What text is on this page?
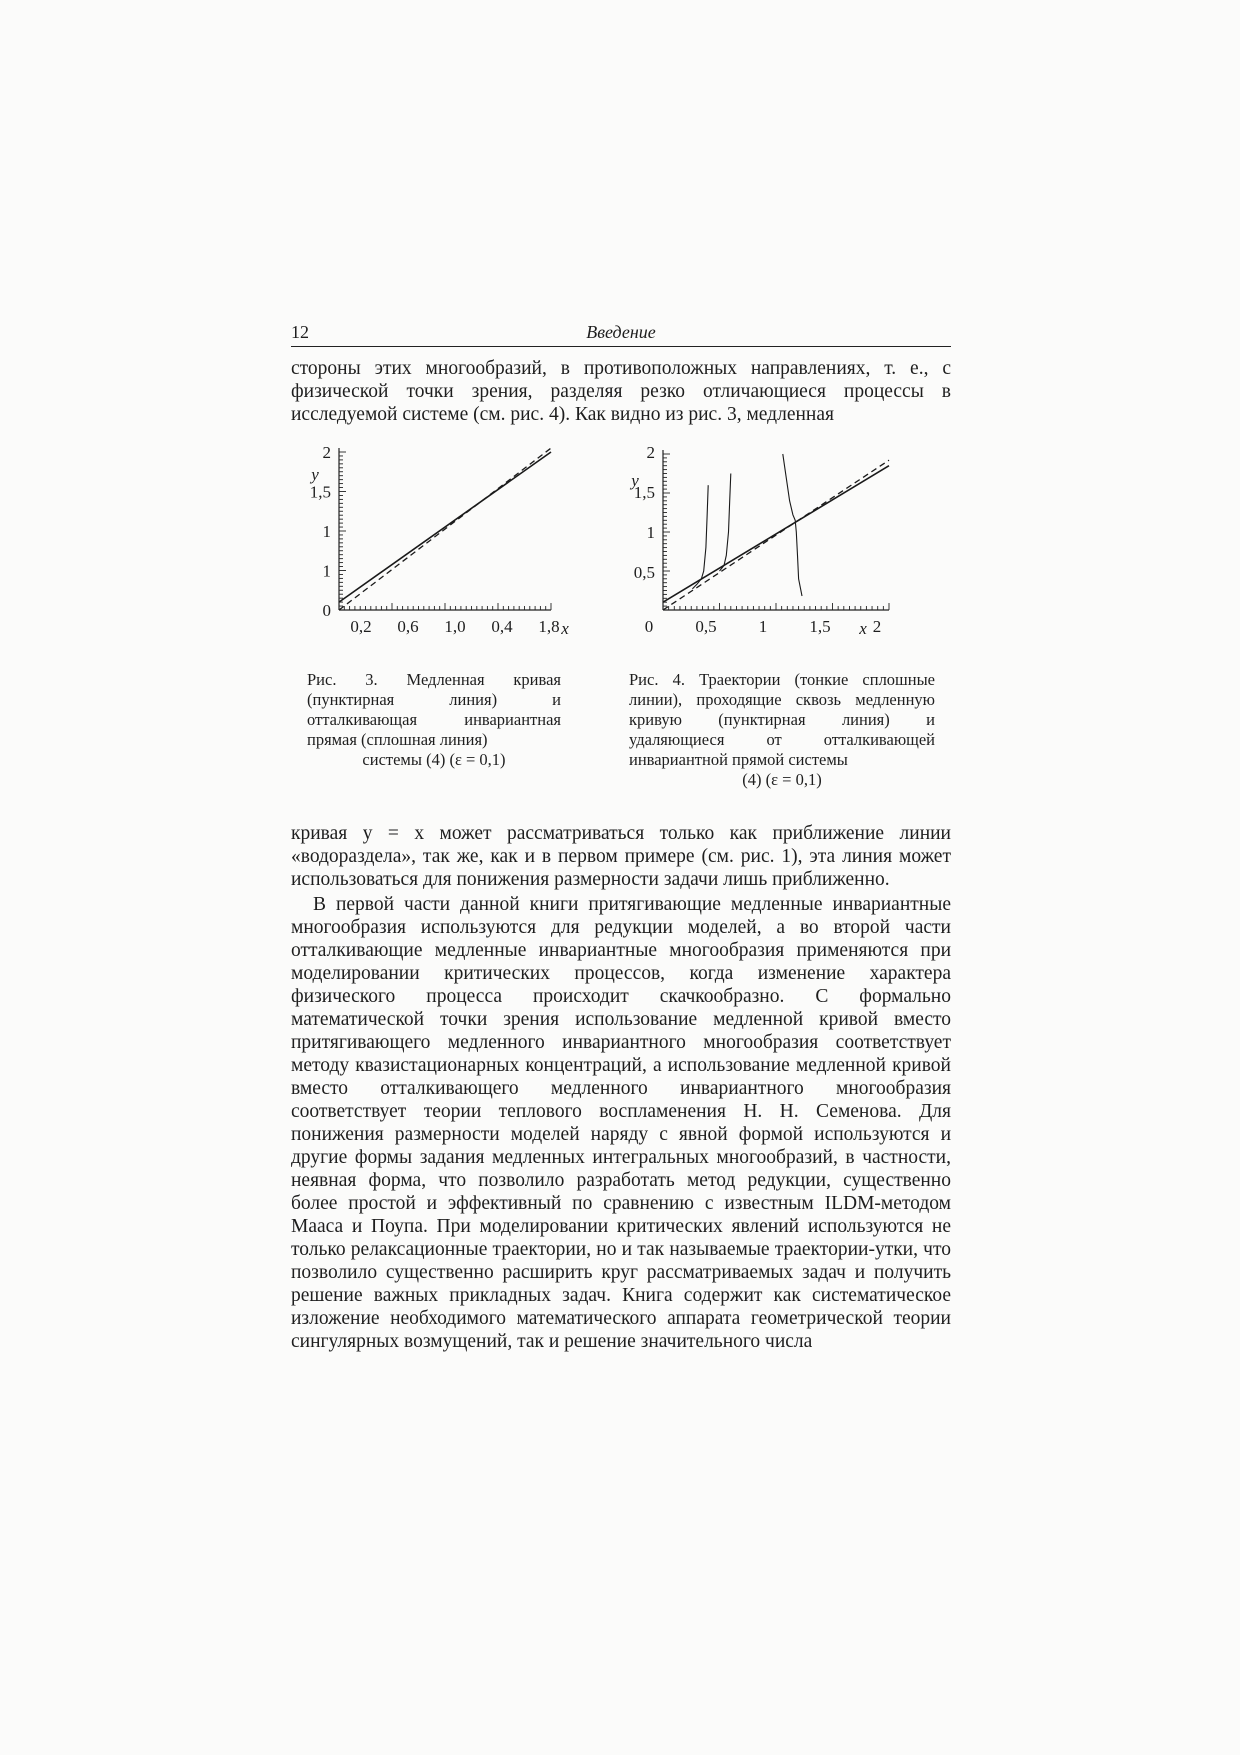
12	Введение

стороны этих многообразий, в противоположных направлениях, т. е., с физической точки зрения, разделяя резко отличающиеся процессы в исследуемой системе (см. рис. 4). Как видно из рис. 3, медленная

0,2 0,6 1,0 0,4 1,8
0
1
1
1,5
2
x
y

Рис. 3. Медленная кривая (пунктирная линия) и отталкивающая инвариантная прямая (сплошная линия)
системы (4) (ε = 0,1)

0 0,5 1 1,5 2
0,5
1
1,5
2
x
y

Рис. 4. Траектории (тонкие сплошные линии), проходящие сквозь медленную кривую (пунктирная линия) и удаляющиеся от отталкивающей инвариантной прямой системы
(4) (ε = 0,1)

кривая y = x может рассматриваться только как приближение линии «водораздела», так же, как и в первом примере (см. рис. 1), эта линия может использоваться для понижения размерности задачи лишь приближенно.

В первой части данной книги притягивающие медленные инвариантные многообразия используются для редукции моделей, а во второй части отталкивающие медленные инвариантные многообразия применяются при моделировании критических процессов, когда изменение характера физического процесса происходит скачкообразно. С формально математической точки зрения использование медленной кривой вместо притягивающего медленного инвариантного многообразия соответствует методу квазистационарных концентраций, а использование медленной кривой вместо отталкивающего медленного инвариантного многообразия соответствует теории теплового воспламенения Н. Н. Семенова. Для понижения размерности моделей наряду с явной формой используются и другие формы задания медленных интегральных многообразий, в частности, неявная форма, что позволило разработать метод редукции, существенно более простой и эффективный по сравнению с известным ILDM-методом Мааса и Поупа. При моделировании критических явлений используются не только релаксационные траектории, но и так называемые траектории-утки, что позволило существенно расширить круг рассматриваемых задач и получить решение важных прикладных задач. Книга содержит как систематическое изложение необходимого математического аппарата геометрической теории сингулярных возмущений, так и решение значительного числа
